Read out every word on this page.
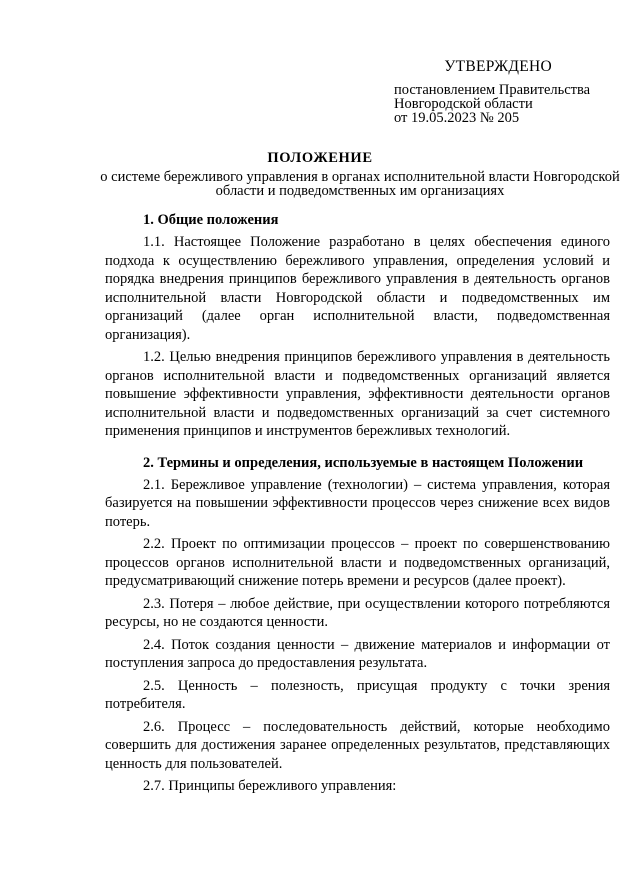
УТВЕРЖДЕНО
постановлением Правительства
Новгородской области
от 19.05.2023 № 205
ПОЛОЖЕНИЕ
о системе бережливого управления в органах исполнительной власти Новгородской области и подведомственных им организациях

1. Общие положения

1.1. Настоящее Положение разработано в целях обеспечения единого подхода к осуществлению бережливого управления, определения условий и порядка внедрения принципов бережливого управления в деятельность органов исполнительной власти Новгородской области и подведомственных им организаций (далее орган исполнительной власти, подведомственная организация).

1.2. Целью внедрения принципов бережливого управления в деятельность органов исполнительной власти и подведомственных организаций является повышение эффективности управления, эффективности деятельности органов исполнительной власти и подведомственных организаций за счет системного применения принципов и инструментов бережливых технологий.

2. Термины и определения, используемые в настоящем Положении

2.1. Бережливое управление (технологии) – система управления, которая базируется на повышении эффективности процессов через снижение всех видов потерь.

2.2. Проект по оптимизации процессов – проект по совершенствованию процессов органов исполнительной власти и подведомственных организаций, предусматривающий снижение потерь времени и ресурсов (далее проект).

2.3. Потеря – любое действие, при осуществлении которого потребляются ресурсы, но не создаются ценности.

2.4. Поток создания ценности – движение материалов и информации от поступления запроса до предоставления результата.

2.5. Ценность – полезность, присущая продукту с точки зрения потребителя.

2.6. Процесс – последовательность действий, которые необходимо совершить для достижения заранее определенных результатов, представляющих ценность для пользователей.

2.7. Принципы бережливого управления:
